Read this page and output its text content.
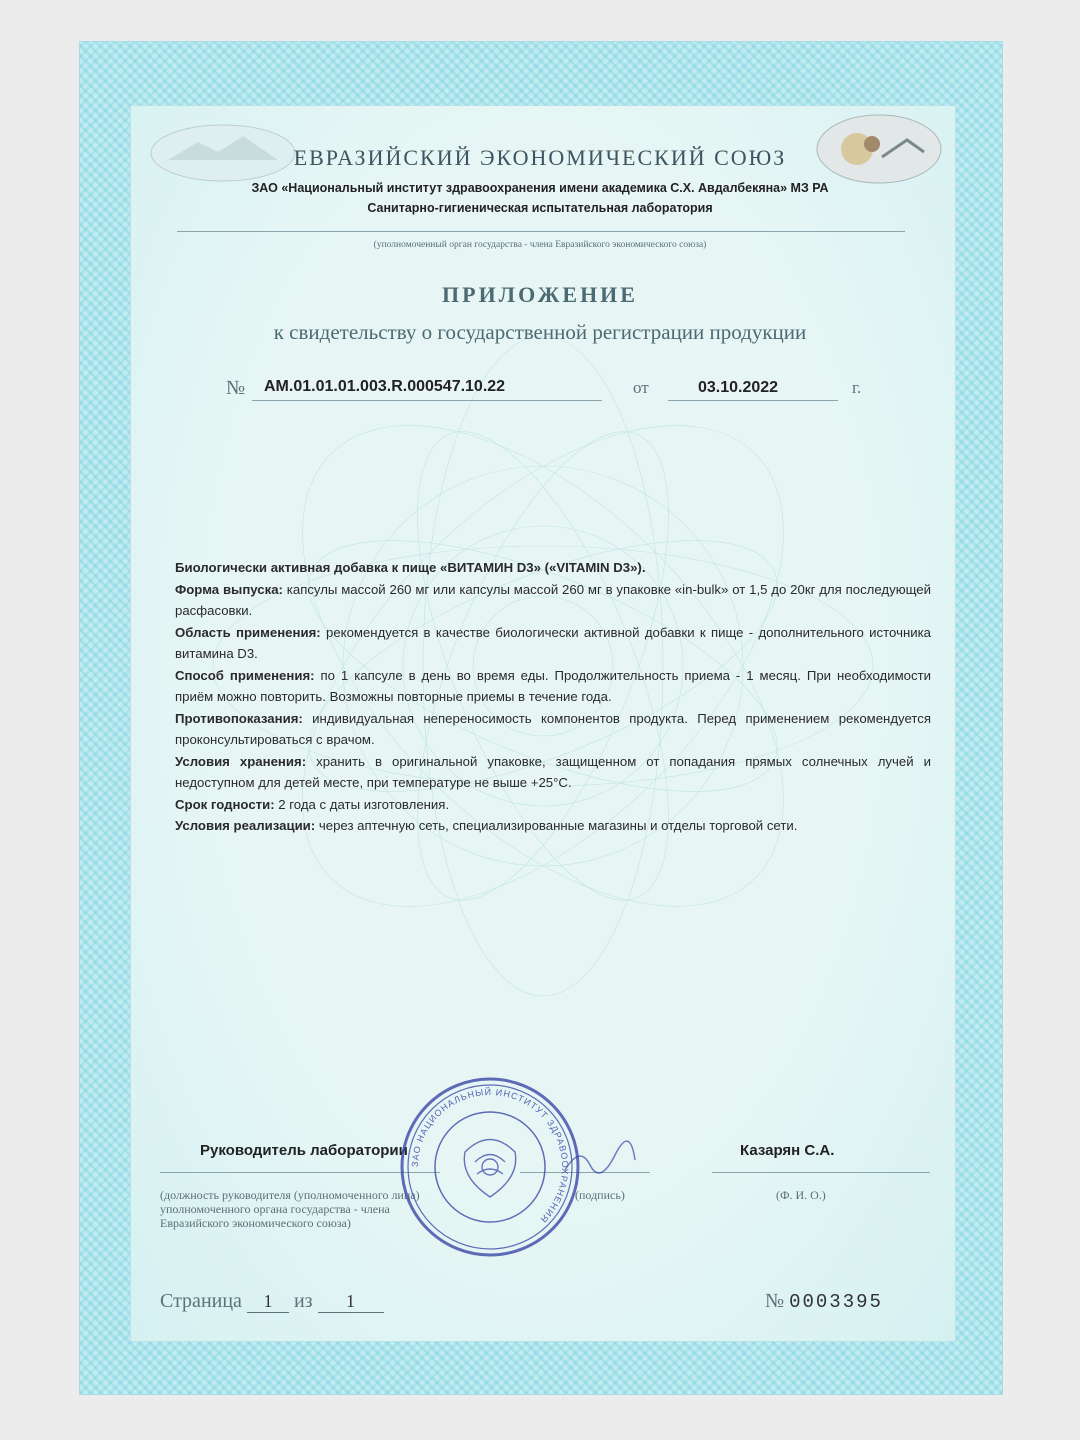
ЕВРАЗИЙСКИЙ ЭКОНОМИЧЕСКИЙ СОЮЗ
ЗАО «Национальный институт здравоохранения имени академика С.Х. Авдалбекяна» МЗ РА
Санитарно-гигиеническая испытательная лаборатория
(уполномоченный орган государства - члена Евразийского экономического союза)
ПРИЛОЖЕНИЕ
к свидетельству о государственной регистрации продукции
№ AM.01.01.01.003.R.000547.10.22	от	03.10.2022	г.

Биологически активная добавка к пище «ВИТАМИН D3» («VITAMIN D3»).

Форма выпуска: капсулы массой 260 мг или капсулы массой 260 мг в упаковке «in-bulk» от 1,5 до 20кг для последующей расфасовки.

Область применения: рекомендуется в качестве биологически активной добавки к пище - дополнительного источника витамина D3.

Способ применения: по 1 капсуле в день во время еды. Продолжительность приема - 1 месяц. При необходимости приём можно повторить. Возможны повторные приемы в течение года.

Противопоказания: индивидуальная непереносимость компонентов продукта. Перед применением рекомендуется проконсультироваться с врачом.

Условия хранения: хранить в оригинальной упаковке, защищенном от попадания прямых солнечных лучей и недоступном для детей месте, при температуре не выше +25°С.

Срок годности: 2 года с даты изготовления.

Условия реализации: через аптечную сеть, специализированные магазины и отделы торговой сети.

Руководитель лаборатории	Казарян С.А.
(должность руководителя (уполномоченного лица) уполномоченного органа государства - члена Евразийского экономического союза)
(подпись)	(Ф. И. О.)
ЗАО НАЦИОНАЛЬНЫЙ ИНСТИТУТ ЗДРАВООХРАНЕНИЯ
Страница 1 из 1	№ 0003395
